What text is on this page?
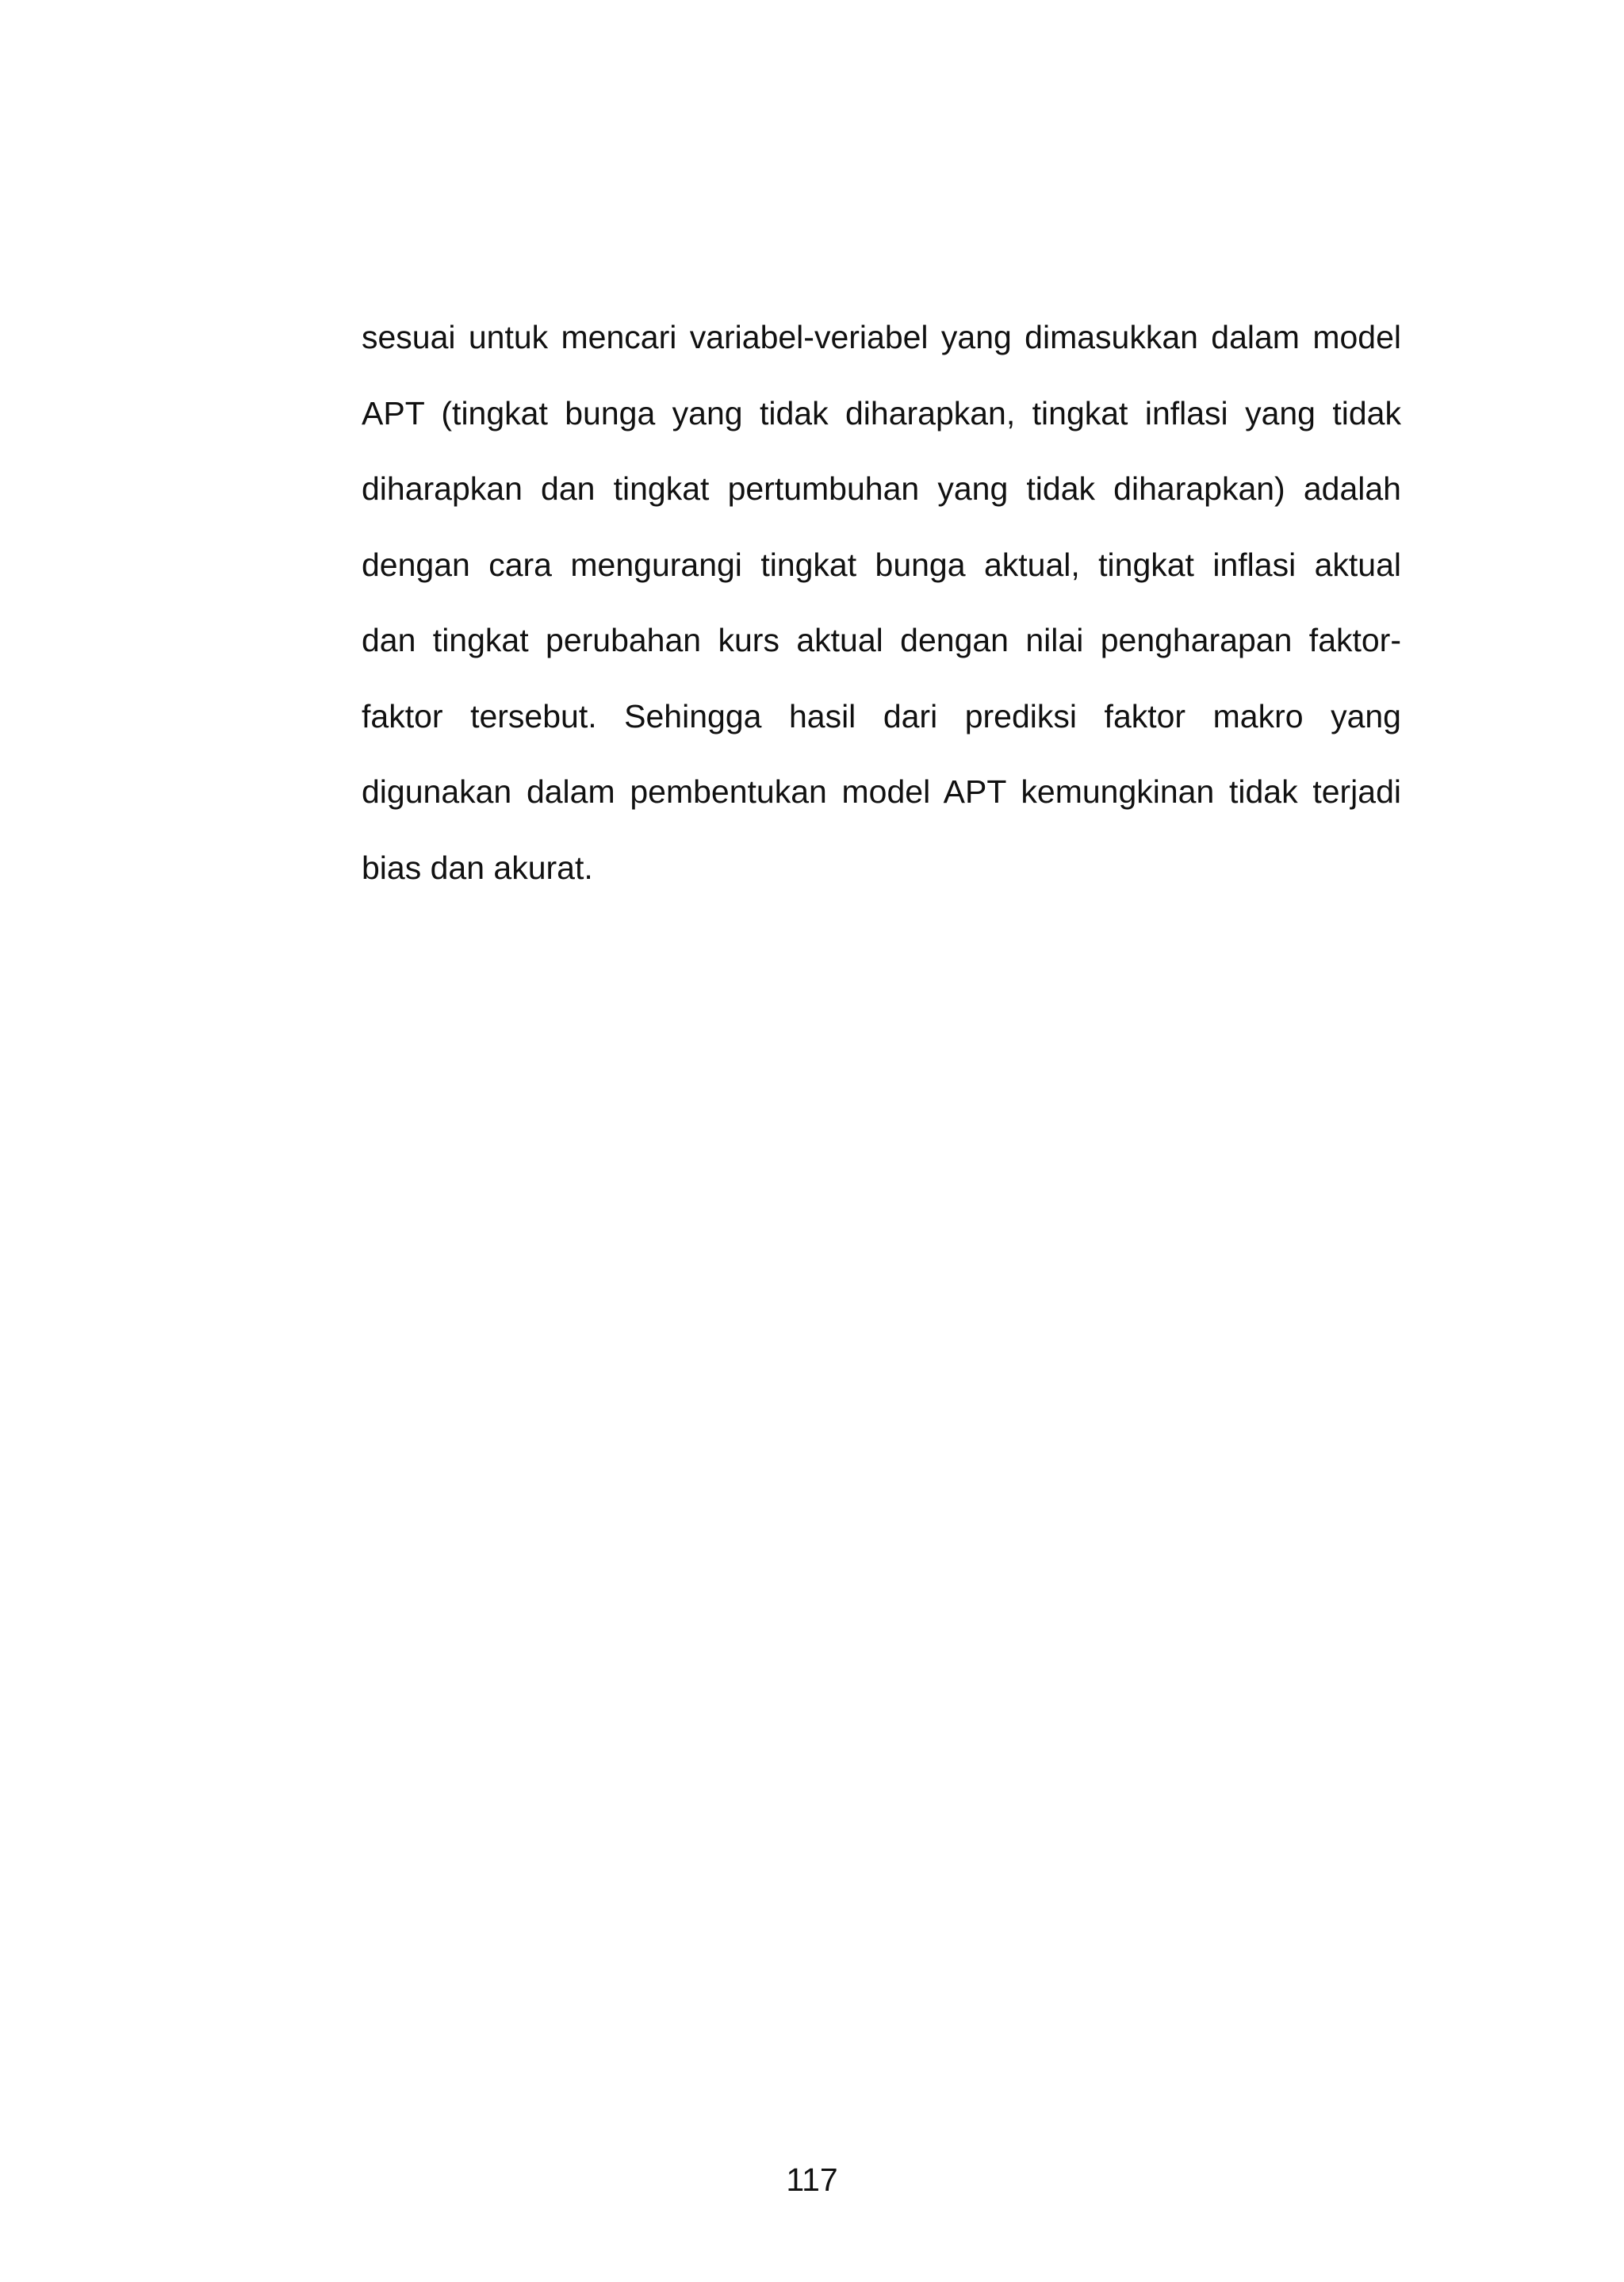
sesuai untuk mencari variabel-veriabel yang dimasukkan dalam model
APT (tingkat bunga yang tidak diharapkan, tingkat inflasi yang tidak
diharapkan dan tingkat pertumbuhan yang tidak diharapkan) adalah
dengan cara mengurangi tingkat bunga aktual, tingkat inflasi aktual
dan tingkat perubahan kurs aktual dengan nilai pengharapan faktor-
faktor tersebut. Sehingga hasil dari prediksi faktor makro yang
digunakan dalam pembentukan model APT kemungkinan tidak terjadi
bias dan akurat.

117
